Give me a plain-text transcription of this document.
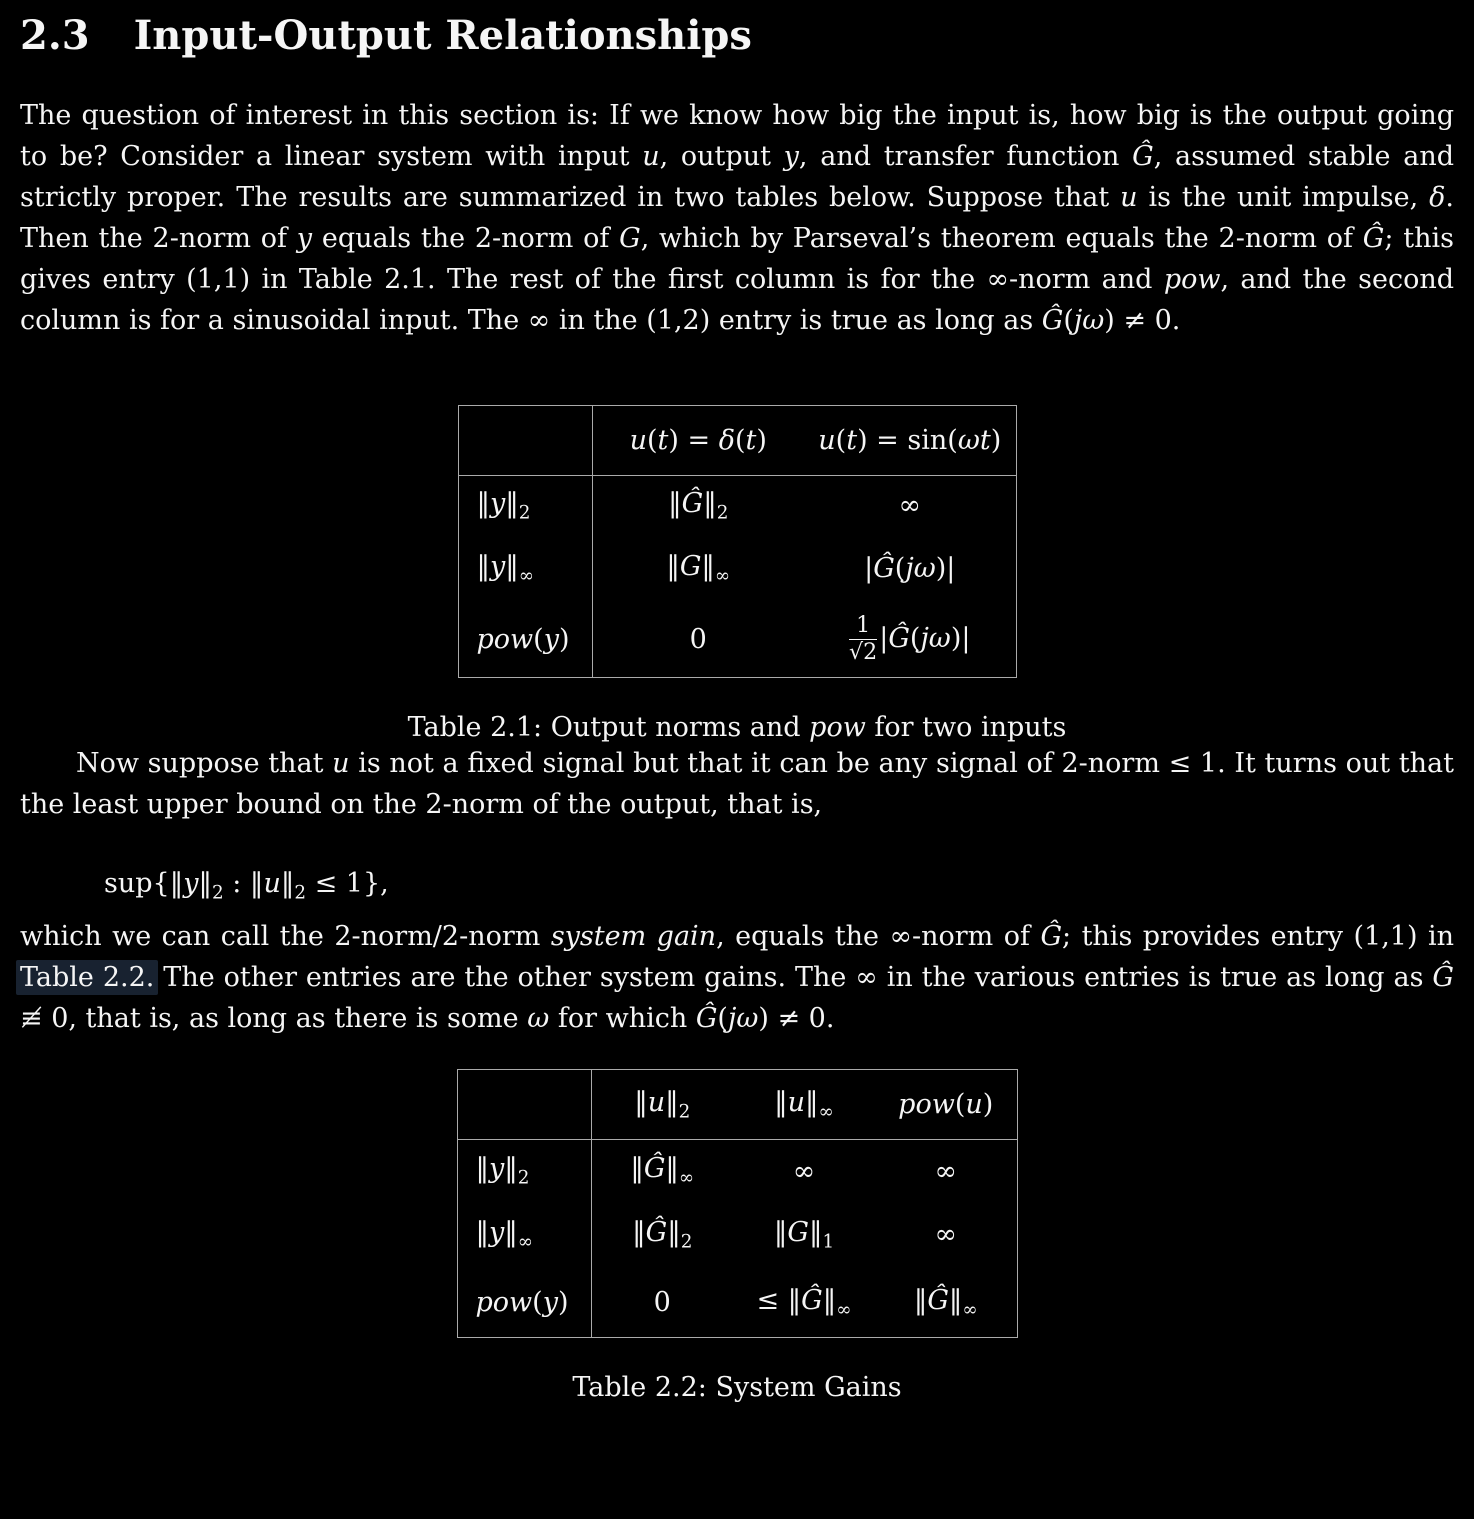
2.3 Input-Output Relationships

The question of interest in this section is: If we know how big the input is, how big is the output going to be? Consider a linear system with input u, output y, and transfer function Ĝ, assumed stable and strictly proper. The results are summarized in two tables below. Suppose that u is the unit impulse, δ. Then the 2-norm of y equals the 2-norm of G, which by Parseval’s theorem equals the 2-norm of Ĝ; this gives entry (1,1) in Table 2.1. The rest of the first column is for the ∞-norm and pow, and the second column is for a sinusoidal input. The ∞ in the (1,2) entry is true as long as Ĝ(jω) ≠ 0.

	u(t) = δ(t)	u(t) = sin(ωt)
$‖y‖_2$	$‖Ĝ‖_2$	∞
$‖y‖_\infty$	$‖G‖_\infty$	|Ĝ(jω)|
pow(y)	0	$\frac{1}{√2}$ |Ĝ(jω)|
Table 2.1: Output norms and pow for two inputs

Now suppose that u is not a fixed signal but that it can be any signal of 2-norm ≤ 1. It turns out that the least upper bound on the 2-norm of the output, that is,

$sup\{‖y‖_2$ : $‖u‖_2 \le 1$},

which we can call the 2-norm/2-norm system gain, equals the ∞-norm of Ĝ; this provides entry (1,1) in Table 2.2. The other entries are the other system gains. The ∞ in the various entries is true as long as Ĝ ≢ 0, that is, as long as there is some ω for which Ĝ(jω) ≠ 0.

	$‖u‖_2$	$‖u‖_\infty$	pow(u)
$‖y‖_2$	$‖Ĝ‖_\infty$	∞	∞
$‖y‖_\infty$	$‖Ĝ‖_2$	$‖G‖_1$	∞
pow(y)	0	≤ $‖Ĝ‖_\infty$	$‖Ĝ‖_\infty$
Table 2.2: System Gains
